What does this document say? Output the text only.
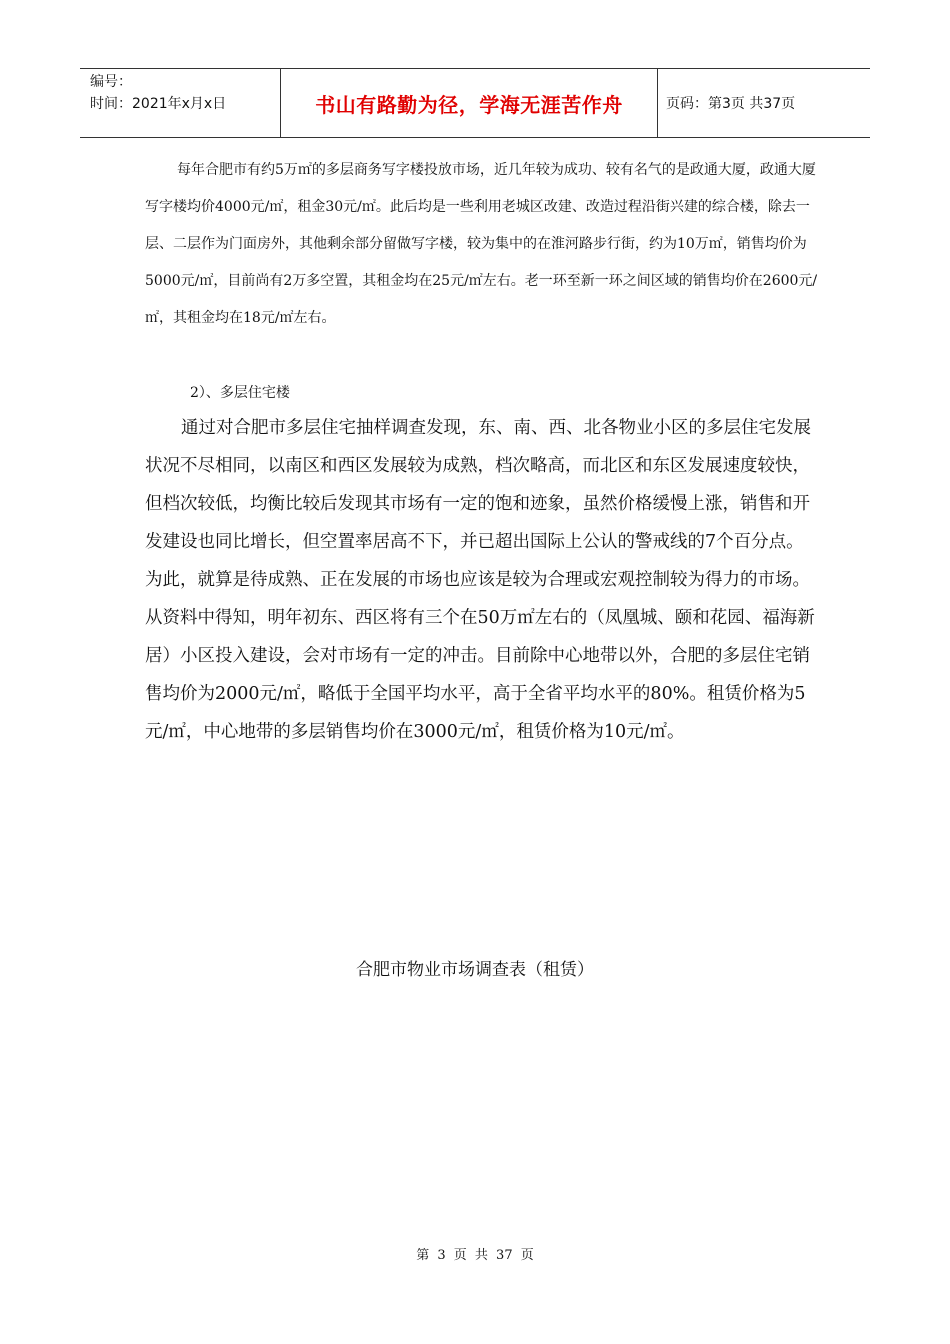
编号：
时间：2021年x月x日	书山有路勤为径，学海无涯苦作舟	页码：第3页 共37页

每年合肥市有约5万㎡的多层商务写字楼投放市场，近几年较为成功、较有名气的是政通大厦，政通大厦写字楼均价4000元/㎡，租金30元/㎡。此后均是一些利用老城区改建、改造过程沿街兴建的综合楼，除去一层、二层作为门面房外，其他剩余部分留做写字楼，较为集中的在淮河路步行街，约为10万㎡，销售均价为5000元/㎡，目前尚有2万多空置，其租金均在25元/㎡左右。老一环至新一环之间区域的销售均价在2600元/㎡，其租金均在18元/㎡左右。

2）、多层住宅楼

通过对合肥市多层住宅抽样调查发现，东、南、西、北各物业小区的多层住宅发展状况不尽相同，以南区和西区发展较为成熟，档次略高，而北区和东区发展速度较快，但档次较低，均衡比较后发现其市场有一定的饱和迹象，虽然价格缓慢上涨，销售和开发建设也同比增长，但空置率居高不下，并已超出国际上公认的警戒线的7个百分点。为此，就算是待成熟、正在发展的市场也应该是较为合理或宏观控制较为得力的市场。从资料中得知，明年初东、西区将有三个在50万㎡左右的（凤凰城、颐和花园、福海新居）小区投入建设，会对市场有一定的冲击。目前除中心地带以外，合肥的多层住宅销售均价为2000元/㎡，略低于全国平均水平，高于全省平均水平的80%。租赁价格为5元/㎡，中心地带的多层销售均价在3000元/㎡，租赁价格为10元/㎡。

合肥市物业市场调查表（租赁）

第 3 页 共 37 页
